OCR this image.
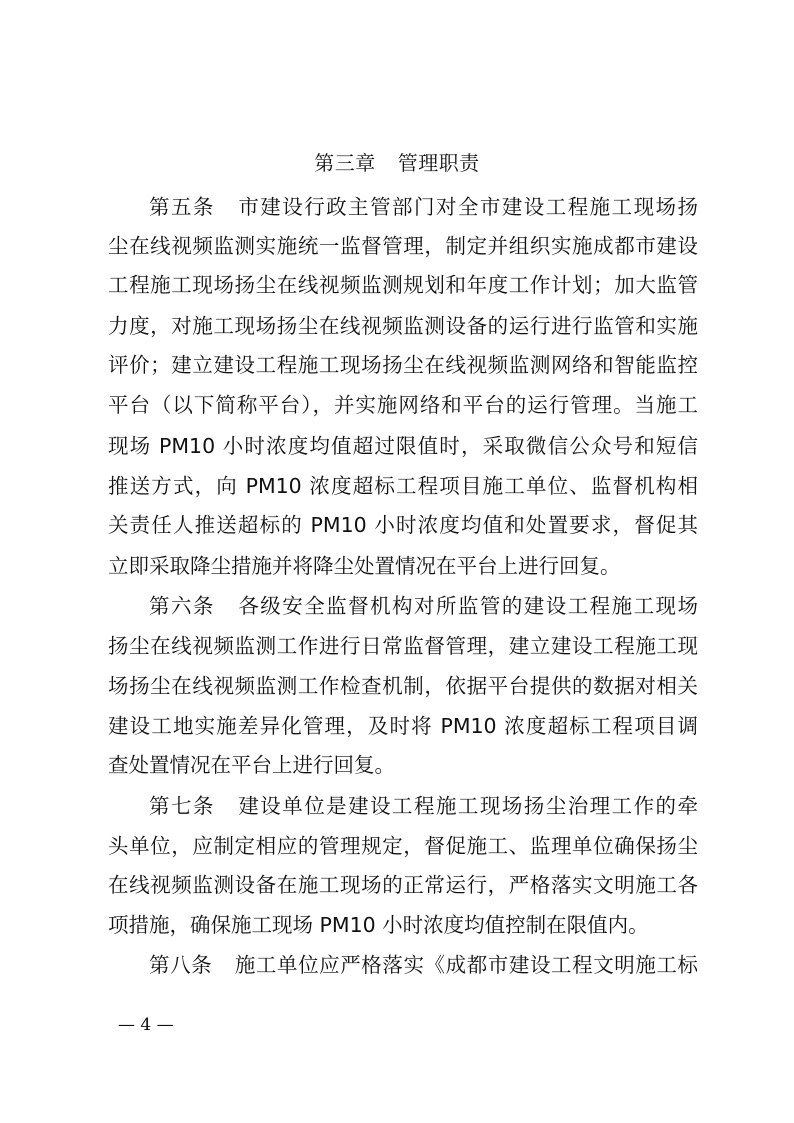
第三章 管理职责
第五条 市建设行政主管部门对全市建设工程施工现场扬
尘在线视频监测实施统一监督管理，制定并组织实施成都市建设
工程施工现场扬尘在线视频监测规划和年度工作计划；加大监管
力度，对施工现场扬尘在线视频监测设备的运行进行监管和实施
评价；建立建设工程施工现场扬尘在线视频监测网络和智能监控
平台（以下简称平台），并实施网络和平台的运行管理。当施工
现场 PM10 小时浓度均值超过限值时，采取微信公众号和短信
推送方式，向 PM10 浓度超标工程项目施工单位、监督机构相
关责任人推送超标的 PM10 小时浓度均值和处置要求，督促其
立即采取降尘措施并将降尘处置情况在平台上进行回复。
第六条 各级安全监督机构对所监管的建设工程施工现场
扬尘在线视频监测工作进行日常监督管理，建立建设工程施工现
场扬尘在线视频监测工作检查机制，依据平台提供的数据对相关
建设工地实施差异化管理，及时将 PM10 浓度超标工程项目调
查处置情况在平台上进行回复。
第七条 建设单位是建设工程施工现场扬尘治理工作的牵
头单位，应制定相应的管理规定，督促施工、监理单位确保扬尘
在线视频监测设备在施工现场的正常运行，严格落实文明施工各
项措施，确保施工现场 PM10 小时浓度均值控制在限值内。
第八条 施工单位应严格落实《成都市建设工程文明施工标
— 4 —
